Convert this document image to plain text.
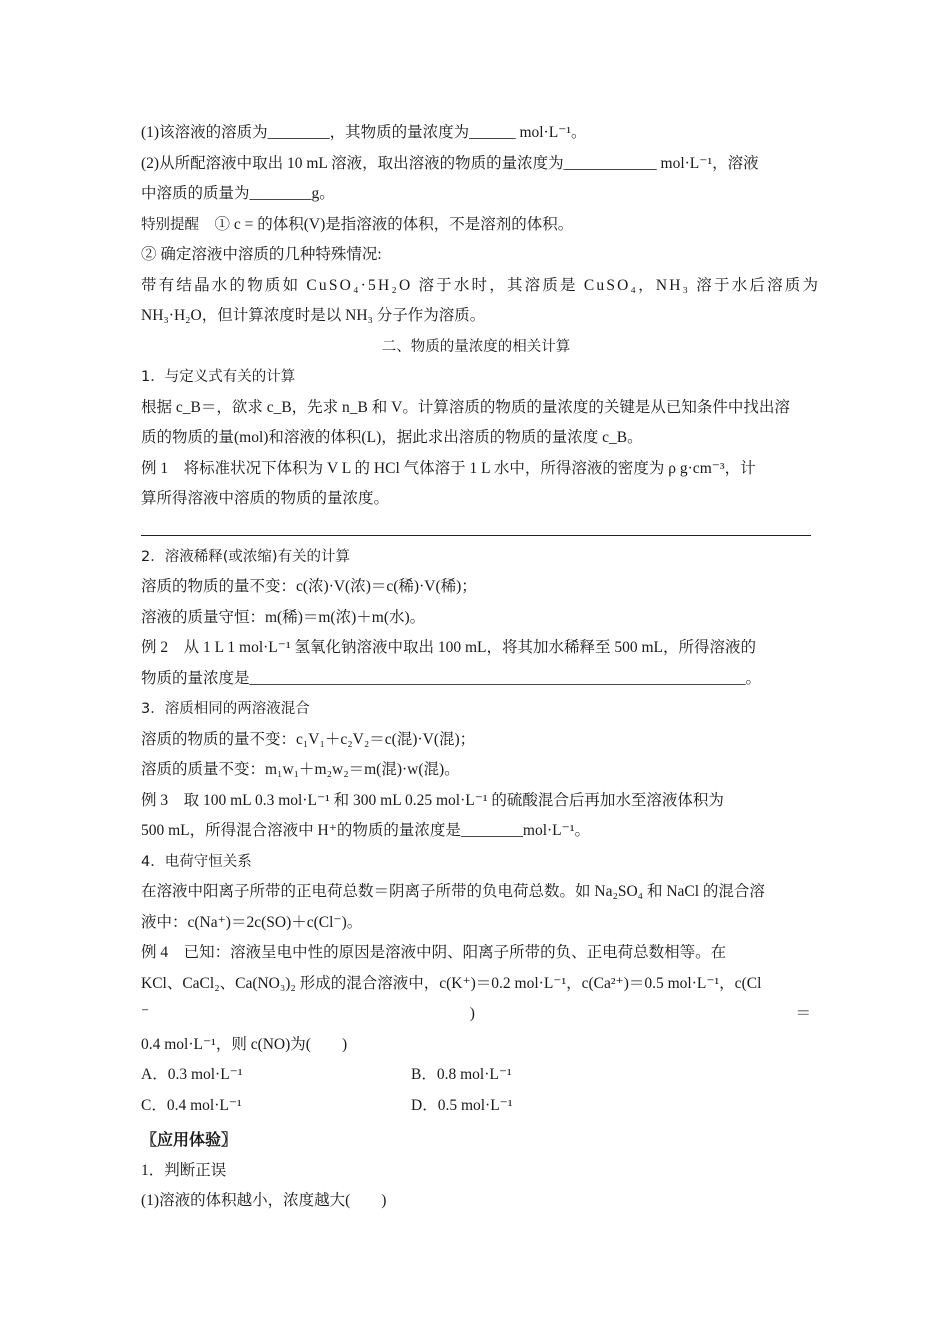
(1)该溶液的溶质为________，其物质的量浓度为______ mol·L⁻¹。
(2)从所配溶液中取出 10 mL 溶液，取出溶液的物质的量浓度为____________ mol·L⁻¹，溶液
中溶质的质量为________g。
特别提醒　 ① c = 的体积(V)是指溶液的体积，不是溶剂的体积。
② 确定溶液中溶质的几种特殊情况:
带有结晶水的物质如 CuSO₄·5H₂O 溶于水时，其溶质是 CuSO₄，NH₃ 溶于水后溶质为
NH₃·H₂O，但计算浓度时是以 NH₃ 分子作为溶质。
二、物质的量浓度的相关计算
1．与定义式有关的计算
根据 c_B＝，欲求 c_B，先求 n_B 和 V。计算溶质的物质的量浓度的关键是从已知条件中找出溶
质的物质的量(mol)和溶液的体积(L)，据此求出溶质的物质的量浓度 c_B。
例 1　将标准状况下体积为 V L 的 HCl 气体溶于 1 L 水中，所得溶液的密度为 ρ g·cm⁻³，计
算所得溶液中溶质的物质的量浓度。
2．溶液稀释(或浓缩)有关的计算
溶质的物质的量不变：c(浓)·V(浓)＝c(稀)·V(稀)；
溶液的质量守恒：m(稀)＝m(浓)＋m(水)。
例 2　从 1 L 1 mol·L⁻¹ 氢氧化钠溶液中取出 100 mL，将其加水稀释至 500 mL，所得溶液的
物质的量浓度是________________________________________________________________。
3．溶质相同的两溶液混合
溶质的物质的量不变：c₁V₁＋c₂V₂＝c(混)·V(混)；
溶质的质量不变：m₁w₁＋m₂w₂＝m(混)·w(混)。
例 3　取 100 mL 0.3 mol·L⁻¹ 和 300 mL 0.25 mol·L⁻¹ 的硫酸混合后再加水至溶液体积为
500 mL，所得混合溶液中 H⁺的物质的量浓度是________mol·L⁻¹。
4．电荷守恒关系
在溶液中阳离子所带的正电荷总数＝阴离子所带的负电荷总数。如 Na₂SO₄ 和 NaCl 的混合溶
液中：c(Na⁺)＝2c(SO)＋c(Cl⁻)。
例 4　已知：溶液呈电中性的原因是溶液中阴、阳离子所带的负、正电荷总数相等。在
KCl、CaCl₂、Ca(NO₃)₂ 形成的混合溶液中，c(K⁺)＝0.2 mol·L⁻¹，c(Ca²⁺)＝0.5 mol·L⁻¹，c(Cl
⁻	)	＝
0.4 mol·L⁻¹，则 c(NO)为(　　)
A．0.3 mol·L⁻¹	B．0.8 mol·L⁻¹
C．0.4 mol·L⁻¹	D．0.5 mol·L⁻¹
〖应用体验〗
1．判断正误
(1)溶液的体积越小，浓度越大(　　)
